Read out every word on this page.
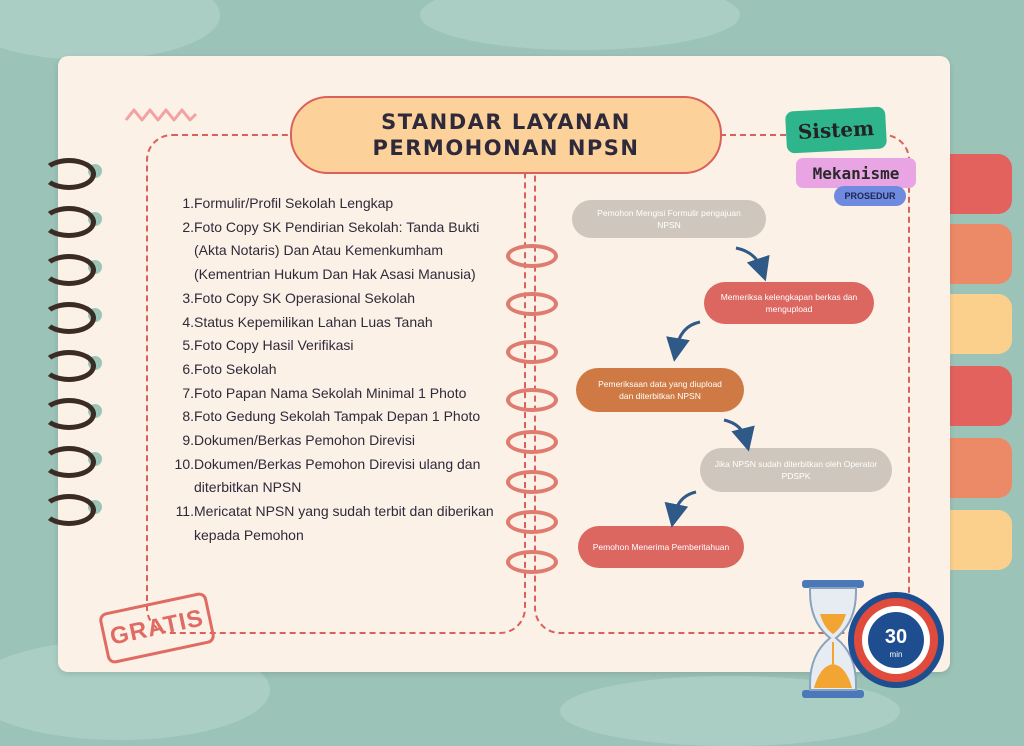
STANDAR LAYANAN
PERMOHONAN NPSN
Sistem
Mekanisme
PROSEDUR
1. Formulir/Profil Sekolah Lengkap
2. Foto Copy SK Pendirian Sekolah: Tanda Bukti (Akta Notaris) Dan Atau Kemenkumham (Kementrian Hukum Dan Hak Asasi Manusia)
3. Foto Copy SK Operasional Sekolah
4. Status Kepemilikan Lahan Luas Tanah
5. Foto Copy Hasil Verifikasi
6. Foto Sekolah
7. Foto Papan Nama Sekolah Minimal 1 Photo
8. Foto Gedung Sekolah Tampak Depan 1 Photo
9. Dokumen/Berkas Pemohon Direvisi
10. Dokumen/Berkas Pemohon Direvisi ulang dan diterbitkan NPSN
11. Mericatat NPSN yang sudah terbit dan diberikan kepada Pemohon
Pemohon Mengisi Formulir pengajuan NPSN
Memeriksa kelengkapan berkas dan mengupload
Pemeriksaan data yang diupload dan diterbitkan NPSN
Jika NPSN sudah diterbitkan oleh Operator PDSPK
Pemohon Menerima Pemberitahuan
GRATIS	30
min
